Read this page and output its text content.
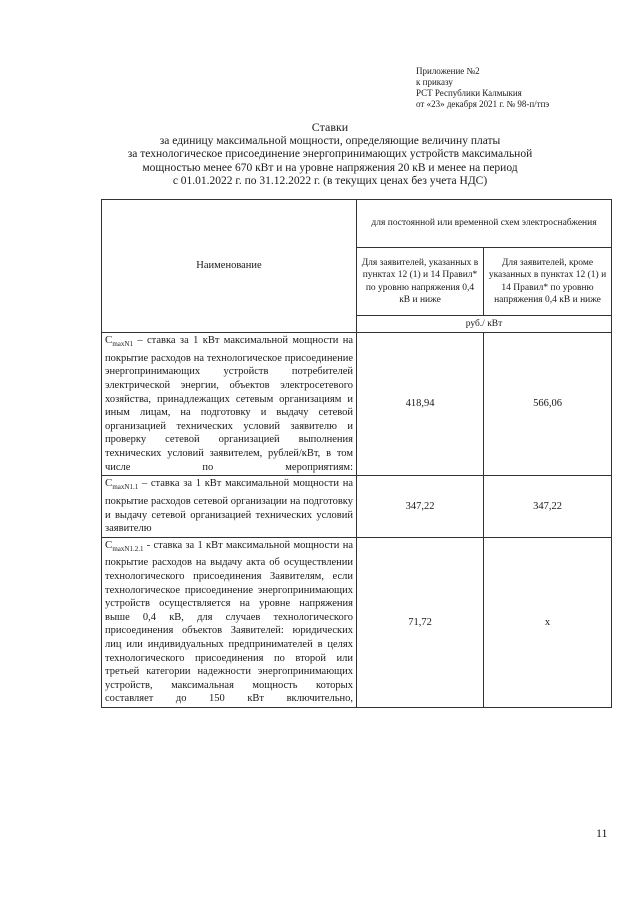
Приложение №2
к приказу
РСТ Республики Калмыкия
от «23» декабря 2021 г. № 98-п/тпэ
Ставки
за единицу максимальной мощности, определяющие величину платы
за технологическое присоединение энергопринимающих устройств максимальной
мощностью менее 670 кВт и на уровне напряжения 20 кВ и менее на период
с 01.01.2022 г. по 31.12.2022 г. (в текущих ценах без учета НДС)
Наименование	для постоянной или временной схем электроснабжения	
	Для заявителей, указанных в пунктах 12 (1) и 14 Правил* по уровню напряжения 0,4 кВ и ниже	Для заявителей, кроме указанных в пунктах 12 (1) и 14 Правил* по уровню напряжения 0,4 кВ и ниже
	руб./ кВт	
$C_{maxN1}$ – ставка за 1 кВт максимальной мощности на покрытие расходов на технологическое присоединение энергопринимающих устройств потребителей электрической энергии, объектов электросетевого хозяйства, принадлежащих сетевым организациям и иным лицам, на подготовку и выдачу сетевой организацией технических условий заявителю и проверку сетевой организацией выполнения технических условий заявителем, рублей/кВт, в том числе по мероприятиям:	418,94	566,06
$C_{maxN1.1}$ – ставка за 1 кВт максимальной мощности на покрытие расходов сетевой организации на подготовку и выдачу сетевой организацией технических условий заявителю	347,22	347,22
$C_{maxN1.2.1}$ - ставка за 1 кВт максимальной мощности на покрытие расходов на выдачу акта об осуществлении технологического присоединения Заявителям, если технологическое присоединение энергопринимающих устройств осуществляется на уровне напряжения выше 0,4 кВ, для случаев технологического присоединения объектов Заявителей: юридических лиц или индивидуальных предпринимателей в целях технологического присоединения по второй или третьей категории надежности энергопринимающих устройств, максимальная мощность которых составляет до 150 кВт включительно,	71,72	х
11
